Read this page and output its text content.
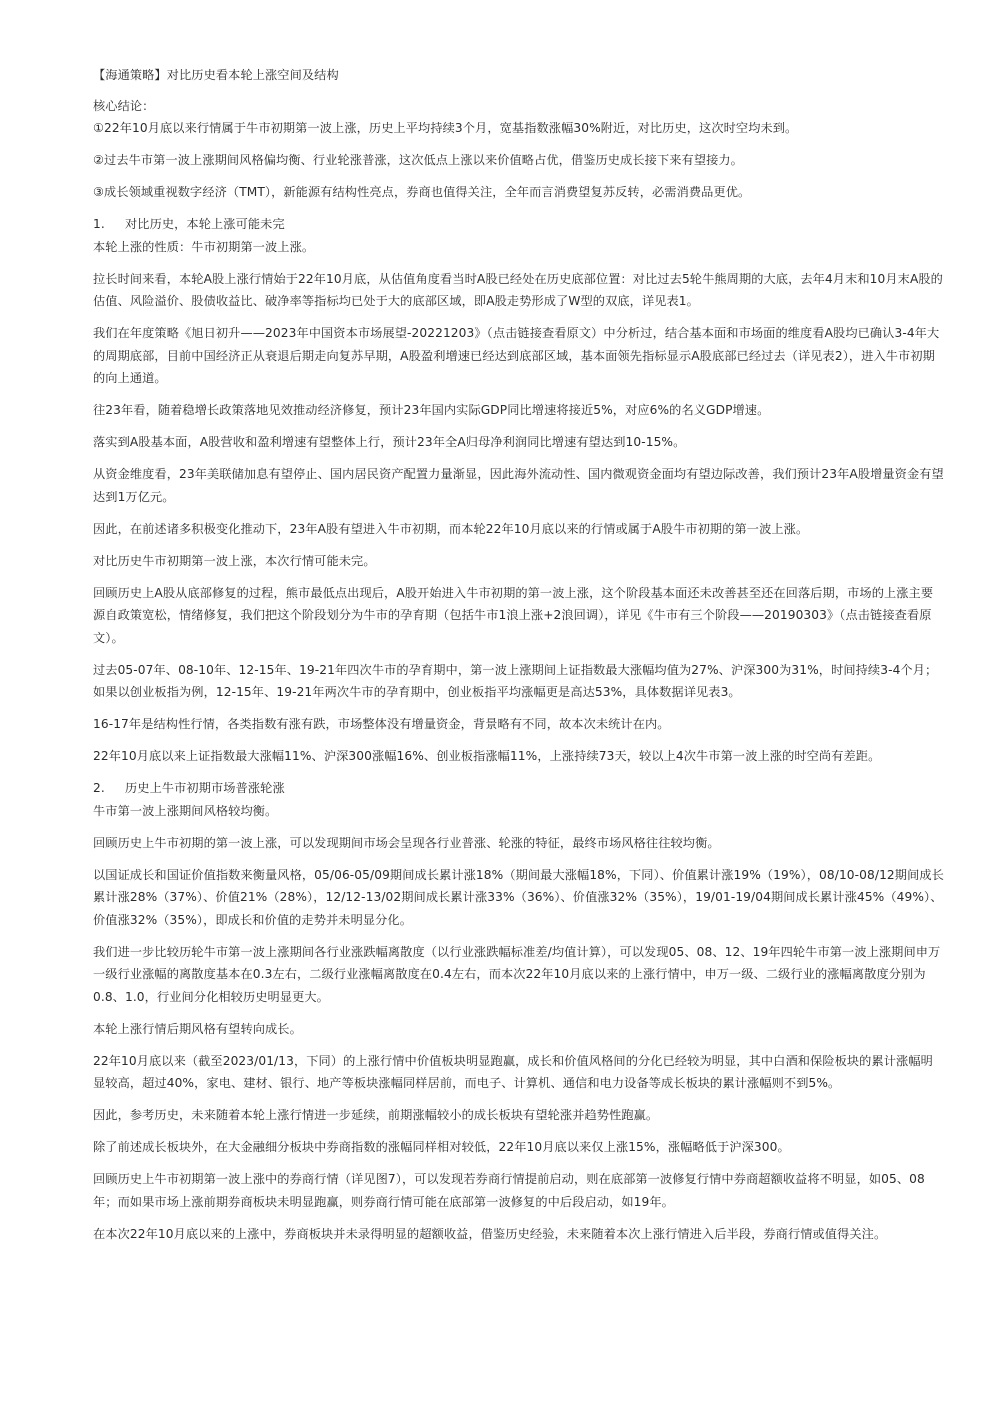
【海通策略】对比历史看本轮上涨空间及结构

核心结论：

①22年10月底以来行情属于牛市初期第一波上涨，历史上平均持续3个月，宽基指数涨幅30%附近，对比历史，这次时空均未到。

②过去牛市第一波上涨期间风格偏均衡、行业轮涨普涨，这次低点上涨以来价值略占优，借鉴历史成长接下来有望接力。

③成长领域重视数字经济（TMT），新能源有结构性亮点，券商也值得关注，全年而言消费望复苏反转，必需消费品更优。

1. 对比历史，本轮上涨可能未完

本轮上涨的性质：牛市初期第一波上涨。

拉长时间来看，本轮A股上涨行情始于22年10月底，从估值角度看当时A股已经处在历史底部位置：对比过去5轮牛熊周期的大底，去年4月末和10月末A股的估值、风险溢价、股债收益比、破净率等指标均已处于大的底部区域，即A股走势形成了W型的双底，详见表1。

我们在年度策略《旭日初升——2023年中国资本市场展望-20221203》（点击链接查看原文）中分析过，结合基本面和市场面的维度看A股均已确认3-4年大的周期底部，目前中国经济正从衰退后期走向复苏早期，A股盈利增速已经达到底部区域，基本面领先指标显示A股底部已经过去（详见表2），进入牛市初期的向上通道。

往23年看，随着稳增长政策落地见效推动经济修复，预计23年国内实际GDP同比增速将接近5%，对应6%的名义GDP增速。

落实到A股基本面，A股营收和盈利增速有望整体上行，预计23年全A归母净利润同比增速有望达到10-15%。

从资金维度看，23年美联储加息有望停止、国内居民资产配置力量渐显，因此海外流动性、国内微观资金面均有望边际改善，我们预计23年A股增量资金有望达到1万亿元。

因此，在前述诸多积极变化推动下，23年A股有望进入牛市初期，而本轮22年10月底以来的行情或属于A股牛市初期的第一波上涨。

对比历史牛市初期第一波上涨，本次行情可能未完。

回顾历史上A股从底部修复的过程，熊市最低点出现后，A股开始进入牛市初期的第一波上涨，这个阶段基本面还未改善甚至还在回落后期，市场的上涨主要源自政策宽松，情绪修复，我们把这个阶段划分为牛市的孕育期（包括牛市1浪上涨+2浪回调），详见《牛市有三个阶段——20190303》（点击链接查看原文）。

过去05-07年、08-10年、12-15年、19-21年四次牛市的孕育期中，第一波上涨期间上证指数最大涨幅均值为27%、沪深300为31%，时间持续3-4个月；如果以创业板指为例，12-15年、19-21年两次牛市的孕育期中，创业板指平均涨幅更是高达53%，具体数据详见表3。

16-17年是结构性行情，各类指数有涨有跌，市场整体没有增量资金，背景略有不同，故本次未统计在内。

22年10月底以来上证指数最大涨幅11%、沪深300涨幅16%、创业板指涨幅11%，上涨持续73天，较以上4次牛市第一波上涨的时空尚有差距。

2. 历史上牛市初期市场普涨轮涨

牛市第一波上涨期间风格较均衡。

回顾历史上牛市初期的第一波上涨，可以发现期间市场会呈现各行业普涨、轮涨的特征，最终市场风格往往较均衡。

以国证成长和国证价值指数来衡量风格，05/06-05/09期间成长累计涨18%（期间最大涨幅18%，下同）、价值累计涨19%（19%），08/10-08/12期间成长累计涨28%（37%）、价值21%（28%），12/12-13/02期间成长累计涨33%（36%）、价值涨32%（35%），19/01-19/04期间成长累计涨45%（49%）、价值涨32%（35%），即成长和价值的走势并未明显分化。

我们进一步比较历轮牛市第一波上涨期间各行业涨跌幅离散度（以行业涨跌幅标准差/均值计算），可以发现05、08、12、19年四轮牛市第一波上涨期间申万一级行业涨幅的离散度基本在0.3左右，二级行业涨幅离散度在0.4左右，而本次22年10月底以来的上涨行情中，申万一级、二级行业的涨幅离散度分别为0.8、1.0，行业间分化相较历史明显更大。

本轮上涨行情后期风格有望转向成长。

22年10月底以来（截至2023/01/13，下同）的上涨行情中价值板块明显跑赢，成长和价值风格间的分化已经较为明显，其中白酒和保险板块的累计涨幅明显较高，超过40%，家电、建材、银行、地产等板块涨幅同样居前，而电子、计算机、通信和电力设备等成长板块的累计涨幅则不到5%。

因此，参考历史，未来随着本轮上涨行情进一步延续，前期涨幅较小的成长板块有望轮涨并趋势性跑赢。

除了前述成长板块外，在大金融细分板块中券商指数的涨幅同样相对较低，22年10月底以来仅上涨15%，涨幅略低于沪深300。

回顾历史上牛市初期第一波上涨中的券商行情（详见图7），可以发现若券商行情提前启动，则在底部第一波修复行情中券商超额收益将不明显，如05、08年；而如果市场上涨前期券商板块未明显跑赢，则券商行情可能在底部第一波修复的中后段启动，如19年。

在本次22年10月底以来的上涨中，券商板块并未录得明显的超额收益，借鉴历史经验，未来随着本次上涨行情进入后半段，券商行情或值得关注。
